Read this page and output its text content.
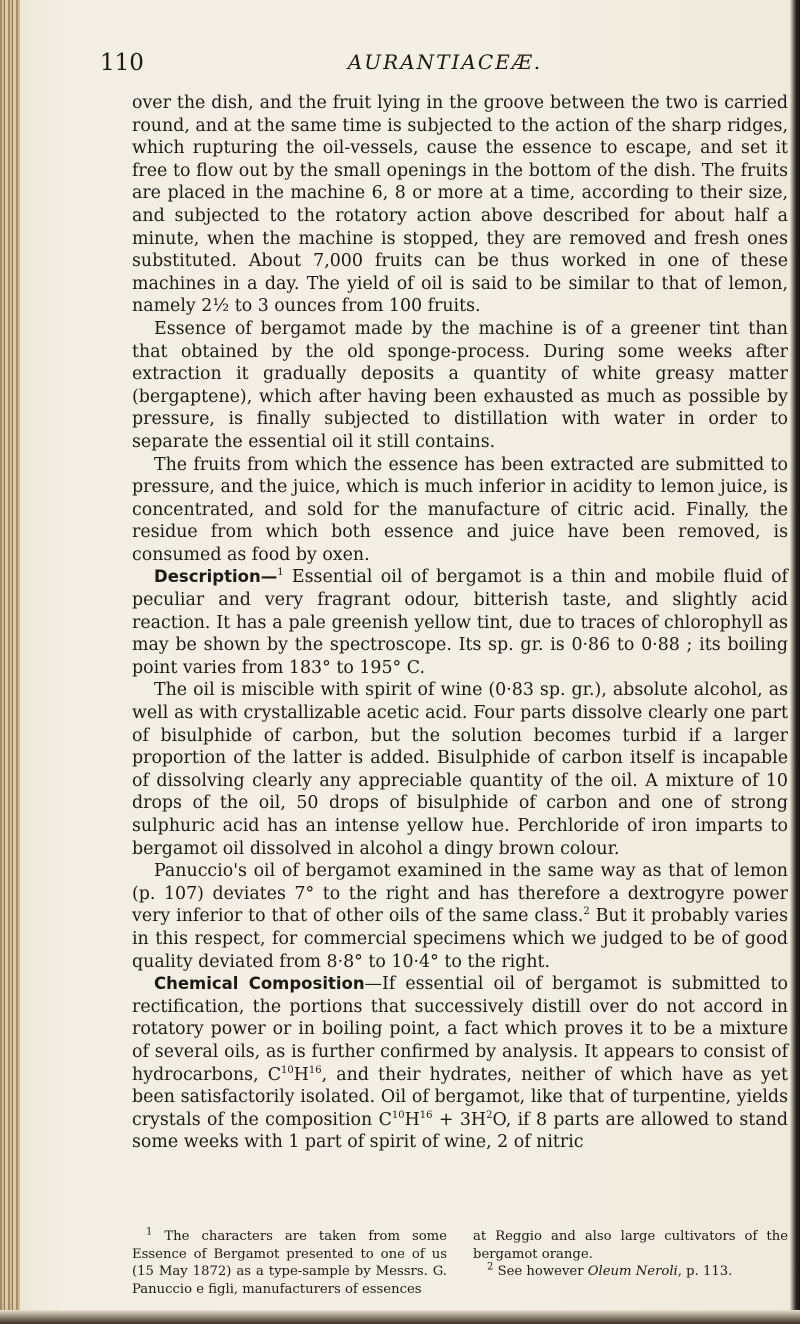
110	AURANTIACEÆ.

over the dish, and the fruit lying in the groove between the two is carried round, and at the same time is subjected to the action of the sharp ridges, which rupturing the oil-vessels, cause the essence to escape, and set it free to flow out by the small openings in the bottom of the dish. The fruits are placed in the machine 6, 8 or more at a time, according to their size, and subjected to the rotatory action above described for about half a minute, when the machine is stopped, they are removed and fresh ones substituted. About 7,000 fruits can be thus worked in one of these machines in a day. The yield of oil is said to be similar to that of lemon, namely 2½ to 3 ounces from 100 fruits.

Essence of bergamot made by the machine is of a greener tint than that obtained by the old sponge-process. During some weeks after extraction it gradually deposits a quantity of white greasy matter (bergaptene), which after having been exhausted as much as possible by pressure, is finally subjected to distillation with water in order to separate the essential oil it still contains.

The fruits from which the essence has been extracted are submitted to pressure, and the juice, which is much inferior in acidity to lemon juice, is concentrated, and sold for the manufacture of citric acid. Finally, the residue from which both essence and juice have been removed, is consumed as food by oxen.

Description—$^1$ Essential oil of bergamot is a thin and mobile fluid of peculiar and very fragrant odour, bitterish taste, and slightly acid reaction. It has a pale greenish yellow tint, due to traces of chlorophyll as may be shown by the spectroscope. Its sp. gr. is 0·86 to 0·88 ; its boiling point varies from 183° to 195° C.

The oil is miscible with spirit of wine (0·83 sp. gr.), absolute alcohol, as well as with crystallizable acetic acid. Four parts dissolve clearly one part of bisulphide of carbon, but the solution becomes turbid if a larger proportion of the latter is added. Bisulphide of carbon itself is incapable of dissolving clearly any appreciable quantity of the oil. A mixture of 10 drops of the oil, 50 drops of bisulphide of carbon and one of strong sulphuric acid has an intense yellow hue. Perchloride of iron imparts to bergamot oil dissolved in alcohol a dingy brown colour.

Panuccio's oil of bergamot examined in the same way as that of lemon (p. 107) deviates 7° to the right and has therefore a dextrogyre power very inferior to that of other oils of the same class.$^2$ But it probably varies in this respect, for commercial specimens which we judged to be of good quality deviated from 8·8° to 10·4° to the right.

Chemical Composition—If essential oil of bergamot is submitted to rectification, the portions that successively distill over do not accord in rotatory power or in boiling point, a fact which proves it to be a mixture of several oils, as is further confirmed by analysis. It appears to consist of hydrocarbons, $C^{10}H^{16}$, and their hydrates, neither of which have as yet been satisfactorily isolated. Oil of bergamot, like that of turpentine, yields crystals of the composition $C^{10}H^{16} + 3H^2O$, if 8 parts are allowed to stand some weeks with 1 part of spirit of wine, 2 of nitric

$^1$ The characters are taken from some Essence of Bergamot presented to one of us (15 May 1872) as a type-sample by Messrs. G. Panuccio e figli, manufacturers of essences

at Reggio and also large cultivators of the bergamot orange.

$^2$ See however Oleum Neroli, p. 113.
